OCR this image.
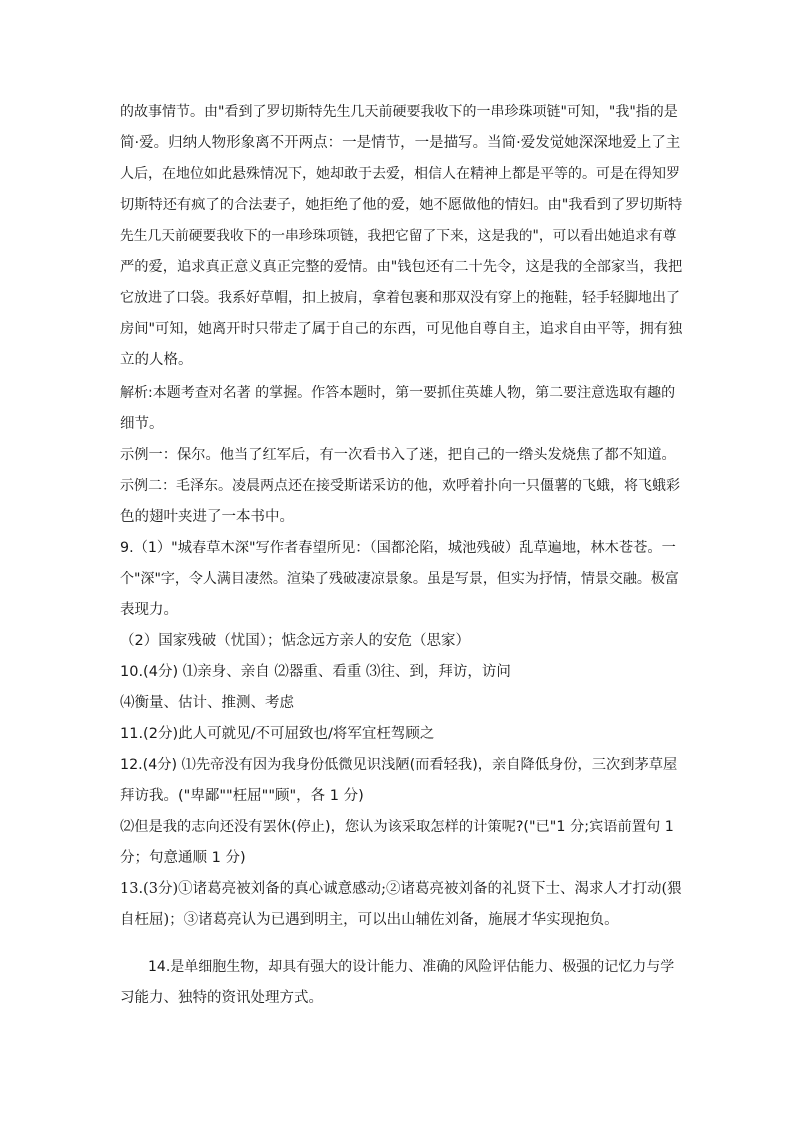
的故事情节。由"看到了罗切斯特先生几天前硬要我收下的一串珍珠项链"可知，"我"指的是
简·爱。归纳人物形象离不开两点：一是情节，一是描写。当简·爱发觉她深深地爱上了主
人后，在地位如此悬殊情况下，她却敢于去爱，相信人在精神上都是平等的。可是在得知罗
切斯特还有疯了的合法妻子，她拒绝了他的爱，她不愿做他的情妇。由"我看到了罗切斯特
先生几天前硬要我收下的一串珍珠项链，我把它留了下来，这是我的"，可以看出她追求有尊
严的爱，追求真正意义真正完整的爱情。由"钱包还有二十先令，这是我的全部家当，我把
它放进了口袋。我系好草帽，扣上披肩，拿着包裹和那双没有穿上的拖鞋，轻手轻脚地出了
房间"可知，她离开时只带走了属于自己的东西，可见他自尊自主，追求自由平等，拥有独
立的人格。
解析:本题考查对名著 的掌握。作答本题时，第一要抓住英雄人物，第二要注意选取有趣的
细节。
示例一：保尔。他当了红军后，有一次看书入了迷，把自己的一绺头发烧焦了都不知道。
示例二：毛泽东。凌晨两点还在接受斯诺采访的他，欢呼着扑向一只僵薯的飞蛾，将飞蛾彩
色的翅叶夹进了一本书中。
9.（1）"城春草木深"写作者春望所见：（国都沦陷，城池残破）乱草遍地，林木苍苍。一
个"深"字，令人满目凄然。渲染了残破凄凉景象。虽是写景，但实为抒情，情景交融。极富
表现力。
（2）国家残破（忧国）；惦念远方亲人的安危（思家）
10.(4分) ⑴亲身、亲自 ⑵器重、看重 ⑶往、到，拜访，访问
⑷衡量、估计、推测、考虑
11.(2分)此人可就见/不可屈致也/将军宜枉驾顾之
12.(4分) ⑴先帝没有因为我身份低微见识浅陋(而看轻我)，亲自降低身份，三次到茅草屋
拜访我。("卑鄙""枉屈""顾"，各 1 分)
⑵但是我的志向还没有罢休(停止)，您认为该采取怎样的计策呢?("已"1 分;宾语前置句 1
分；句意通顺 1 分)
13.(3分)①诸葛亮被刘备的真心诚意感动;②诸葛亮被刘备的礼贤下士、渴求人才打动(猥
自枉屈)；③诸葛亮认为已遇到明主，可以出山辅佐刘备，施展才华实现抱负。
14.是单细胞生物，却具有强大的设计能力、准确的风险评估能力、极强的记忆力与学
习能力、独特的资讯处理方式。
